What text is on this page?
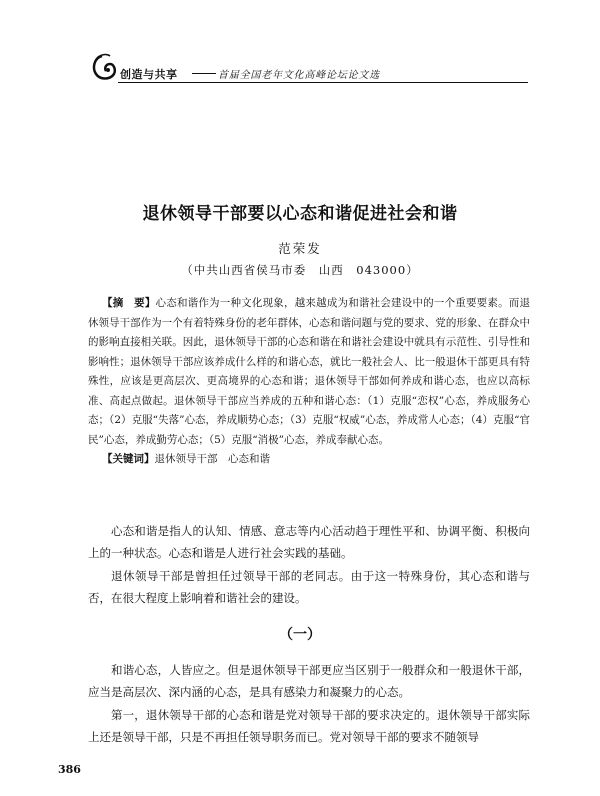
创造与共享	首届全国老年文化高峰论坛论文选
退休领导干部要以心态和谐促进社会和谐
范荣发
（中共山西省侯马市委　山西　043000）

【摘　要】心态和谐作为一种文化现象，越来越成为和谐社会建设中的一个重要要素。而退休领导干部作为一个有着特殊身份的老年群体，心态和谐问题与党的要求、党的形象、在群众中的影响直接相关联。因此，退休领导干部的心态和谐在和谐社会建设中就具有示范性、引导性和影响性；退休领导干部应该养成什么样的和谐心态，就比一般社会人、比一般退休干部更具有特殊性，应该是更高层次、更高境界的心态和谐；退休领导干部如何养成和谐心态，也应以高标准、高起点做起。退休领导干部应当养成的五种和谐心态：（1）克服“恋权”心态，养成服务心态；（2）克服“失落”心态，养成顺势心态；（3）克服“权威”心态，养成常人心态；（4）克服“官民”心态，养成勤劳心态；（5）克服“消极”心态，养成奉献心态。

【关键词】退休领导干部　心态和谐

心态和谐是指人的认知、情感、意志等内心活动趋于理性平和、协调平衡、积极向上的一种状态。心态和谐是人进行社会实践的基础。

退休领导干部是曾担任过领导干部的老同志。由于这一特殊身份，其心态和谐与否，在很大程度上影响着和谐社会的建设。

（一）

和谐心态，人皆应之。但是退休领导干部更应当区别于一般群众和一般退休干部，应当是高层次、深内涵的心态，是具有感染力和凝聚力的心态。

第一，退休领导干部的心态和谐是党对领导干部的要求决定的。退休领导干部实际上还是领导干部，只是不再担任领导职务而已。党对领导干部的要求不随领导

386
